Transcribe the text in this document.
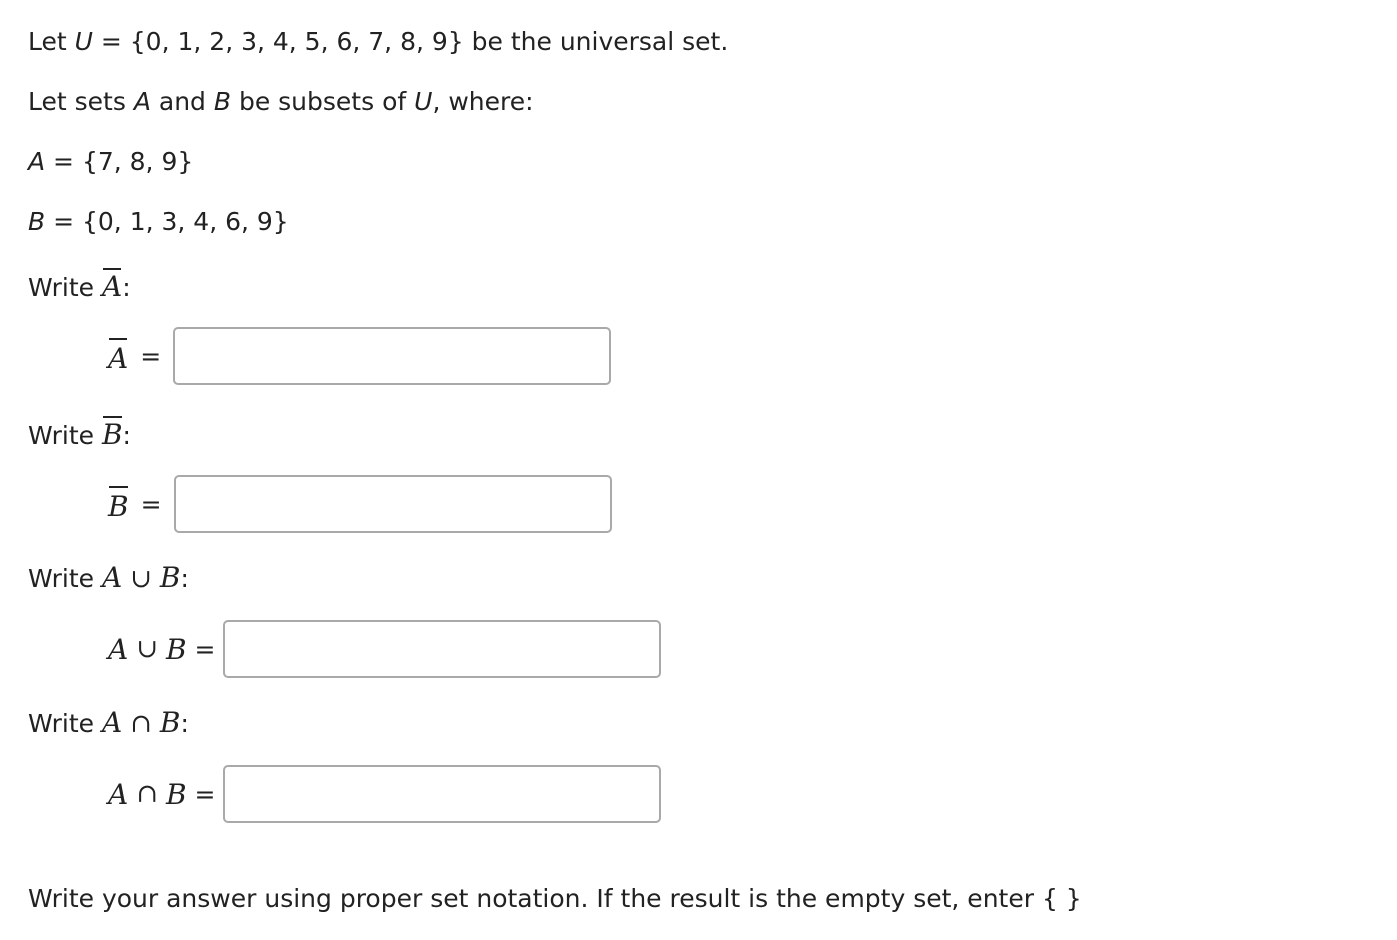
Let U = {0, 1, 2, 3, 4, 5, 6, 7, 8, 9} be the universal set.
Let sets A and B be subsets of U, where:
A = {7, 8, 9}
B = {0, 1, 3, 4, 6, 9}
Write A:
A =
Write B:
B =
Write A ∪ B:
A
∪
B =
Write A ∩ B:
A
∩
B =
Write your answer using proper set notation. If the result is the empty set, enter { }
